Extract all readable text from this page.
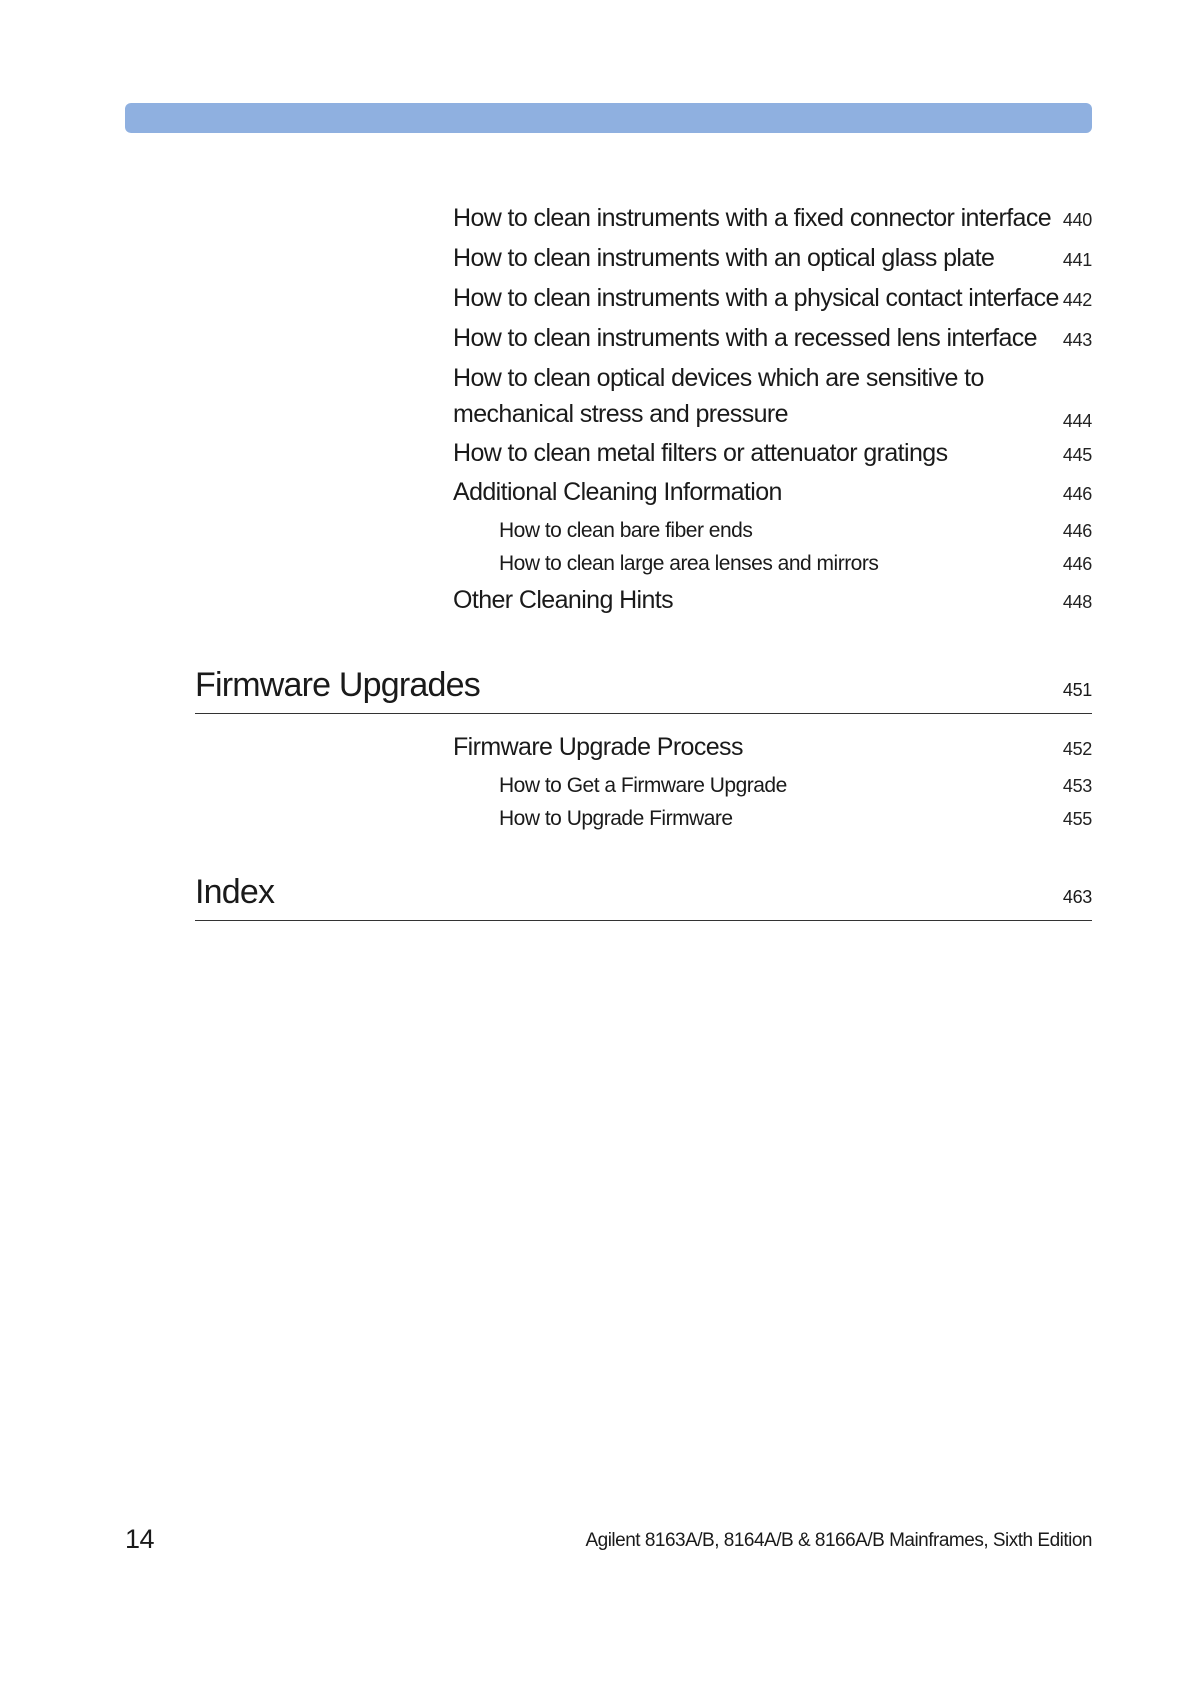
How to clean instruments with a fixed connector interface 440
How to clean instruments with an optical glass plate	441
How to clean instruments with a physical contact interface 442
How to clean instruments with a recessed lens interface 443
How to clean optical devices which are sensitive to mechanical stress and pressure	444
How to clean metal filters or attenuator gratings	445
Additional Cleaning Information	446
How to clean bare fiber ends	446
How to clean large area lenses and mirrors	446
Other Cleaning Hints	448
Firmware Upgrades	451
Firmware Upgrade Process	452
How to Get a Firmware Upgrade	453
How to Upgrade Firmware	455
Index	463
14	Agilent 8163A/B, 8164A/B & 8166A/B Mainframes, Sixth Edition
